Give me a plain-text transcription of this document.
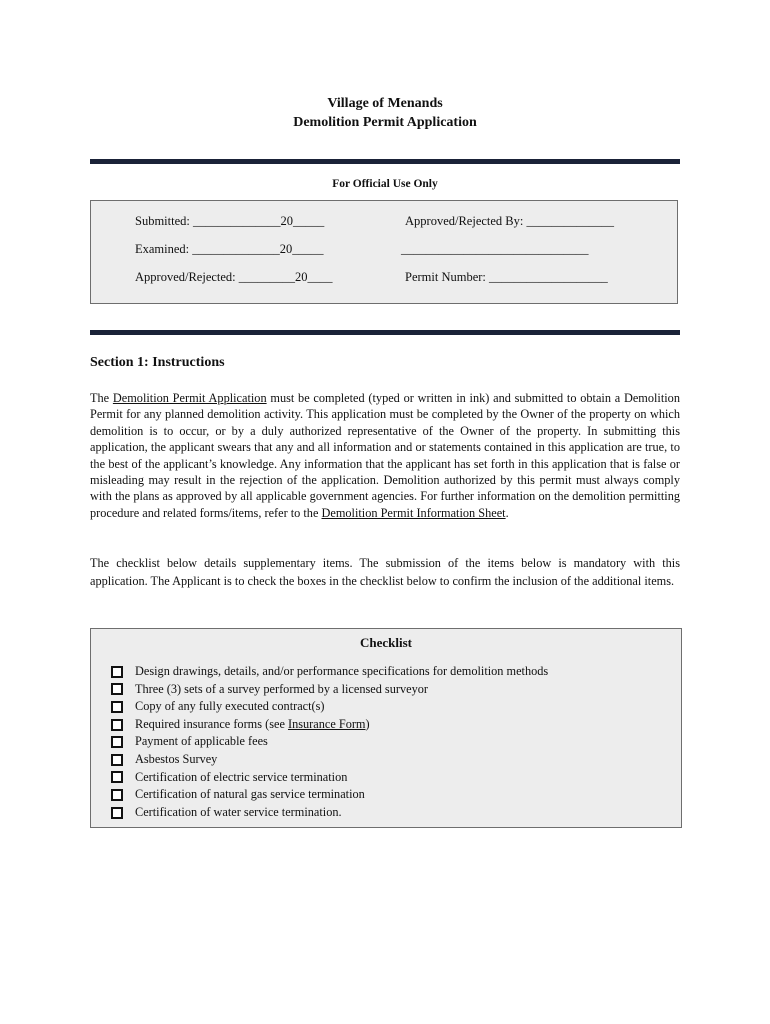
Village of Menands
Demolition Permit Application
For Official Use Only
Submitted: ______________20_____
Examined: ______________20_____
Approved/Rejected: _________20____
Approved/Rejected By: ______________
______________________________
Permit Number: ___________________
Section 1: Instructions
The Demolition Permit Application must be completed (typed or written in ink) and submitted to obtain a Demolition Permit for any planned demolition activity. This application must be completed by the Owner of the property on which demolition is to occur, or by a duly authorized representative of the Owner of the property. In submitting this application, the applicant swears that any and all information and or statements contained in this application are true, to the best of the applicant’s knowledge. Any information that the applicant has set forth in this application that is false or misleading may result in the rejection of the application. Demolition authorized by this permit must always comply with the plans as approved by all applicable government agencies. For further information on the demolition permitting procedure and related forms/items, refer to the Demolition Permit Information Sheet.
The checklist below details supplementary items. The submission of the items below is mandatory with this application. The Applicant is to check the boxes in the checklist below to confirm the inclusion of the additional items.
Checklist
Design drawings, details, and/or performance specifications for demolition methods
Three (3) sets of a survey performed by a licensed surveyor
Copy of any fully executed contract(s)
Required insurance forms (see Insurance Form)
Payment of applicable fees
Asbestos Survey
Certification of electric service termination
Certification of natural gas service termination
Certification of water service termination.
